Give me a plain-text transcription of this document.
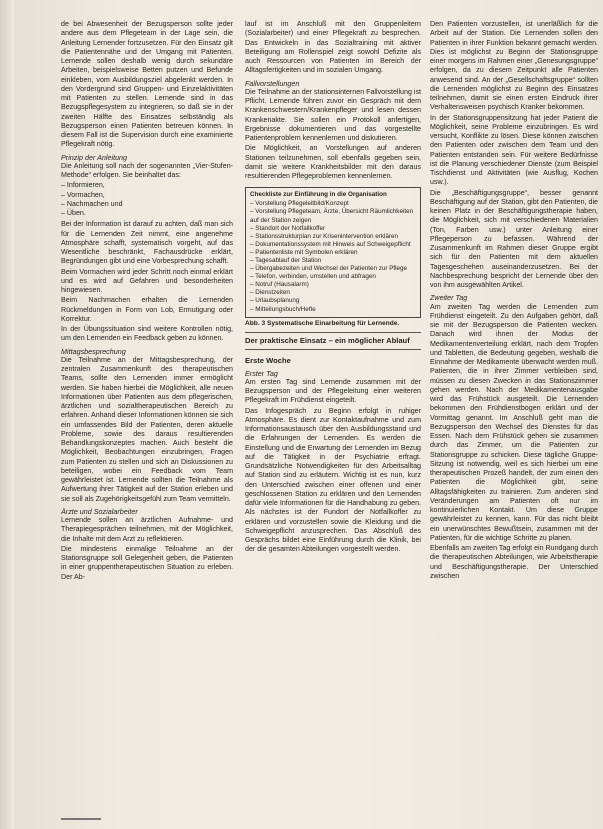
de bei Abwesenheit der Bezugsperson sollte jeder andere aus dem Pflegeteam in der Lage sein, die Anleitung Lernender fortzusetzen. Für den Einsatz gilt die Patientennähe und der Umgang mit Patienten. Lernende sollen deshalb wenig durch sekundäre Arbeiten, beispielsweise Betten putzen und Befunde einkleben, vom Ausbildungsziel abgelenkt werden. In den Vordergrund sind Gruppen- und Einzelaktivitäten mit Patienten zu stellen. Lernende sind in das Bezugspflegesystem zu integrieren, so daß sie in der zweiten Hälfte des Einsatzes selbständig als Bezugsperson einen Patienten betreuen können. In diesem Fall ist die Supervision durch eine examinierte Pflegekraft nötig.

Prinzip der Anleitung

Die Anleitung soll nach der sogenannten „Vier-Stufen-Methode“ erfolgen. Sie beinhaltet das:

– Informieren,
– Vormachen,
– Nachmachen und
– Üben.

Bei der Information ist darauf zu achten, daß man sich für die Lernenden Zeit nimmt, eine angenehme Atmosphäre schafft, systematisch vorgeht, auf das Wesentliche beschränkt, Fachausdrücke erklärt, Begründungen gibt und eine Vorbesprechung schafft.

Beim Vormachen wird jeder Schritt noch einmal erklärt und es wird auf Gefahren und besonderheiten hingewiesen.

Beim Nachmachen erhalten die Lernenden Rückmeldungen in Form von Lob, Ermutigung oder Korrektur.

In der Übungssituation sind weitere Kontrollen nötig, um den Lernenden ein Feedback geben zu können.

Mittagsbesprechung

Die Teilnahme an der Mittagsbesprechung, der zentralen Zusammenkunft des therapeutischen Teams, sollte den Lernenden immer ermöglicht werden. Sie haben hierbei die Möglichkeit, alle neuen Informationen über Patienten aus dem pflegerischen, ärztlichen und sozialtherapeutischen Bereich zu erfahren. Anhand dieser Informationen können sie sich ein umfassendes Bild der Patienten, deren aktuelle Probleme, sowie des daraus resultierenden Behandlungskonzeptes machen. Auch besteht die Möglichkeit, Beobachtungen einzubringen, Fragen zum Patienten zu stellen und sich an Diskussionen zu beteiligen, wobei ein Feedback vom Team gewährleistet ist. Lernende sollten die Teilnahme als Aufwertung ihrer Tätigkeit auf der Station erleben und sie soll als Zugehörigkeitsgefühl zum Team vermitteln.

Ärzte und Sozialarbeiter

Lernende sollen an ärztlichen Aufnahme- und Therapiegesprächen teilnehmen, mit der Möglichkeit, die Inhalte mit dem Arzt zu reflektieren.

Die mindestens einmalige Teilnahme an der Stationsgruppe soll Gelegenheit geben, die Patienten in einer gruppentherapeutischen Situation zu erleben. Der Ab-

lauf ist im Anschluß mit den Gruppenleitern (Sozialarbeiter) und einer Pflegekraft zu besprechen. Das Entwickeln in das Sozialtraining mit aktiver Beteiligung am Rollenspiel zeigt sowohl Defizite als auch Ressourcen von Patienten im Bereich der Alltagsfertigkeiten und im sozialen Umgang.

Fallvorstellungen

Die Teilnahme an der stationsinternen Fallvorstellung ist Pflicht. Lernende führen zuvor ein Gespräch mit dem Krankenschwestern/Krankenpfleger und lesen dessen Krankenakte. Sie sollen ein Protokoll anfertigen, Ergebnisse dokumentieren und das vorgestellte Patientenproblem kennenlernen und diskutieren.

Die Möglichkeit, an Vorstellungen auf anderen Stationen teilzunehmen, soll ebenfalls gegeben sein, damit sie weitere Krankheitsbilder mit den daraus resultierenden Pflegeproblemen kennenlernen.

Checkliste zur Einführung in die Organisation
– Vorstellung Pflegeleitbild/Konzept
– Vorstellung Pflegeteam, Ärzte, Übersicht Räumlichkeiten auf der Station zeigen
– Standort der Notfallkoffer
– Stationsstrukturplan zur Krisenintervention erklären
– Dokumentationssystem mit Hinweis auf Schweigepflicht
– Patientenliste mit Symbolen erklären
– Tagesablauf der Station
– Übergabezeiten und Wechsel der Patienten zur Pflege
– Telefon, verbinden, umstellen und abfragen
– Notruf (Hausalarm)
– Dienstzeiten
– Urlaubsplanung
– Mitteilungsbuch/Hefte
Abb. 3 Systematische Einarbeitung für Lernende.
Der praktische Einsatz – ein möglicher Ablauf
Erste Woche
Erster Tag

Am ersten Tag sind Lernende zusammen mit der Bezugsperson und der Pflegeleitung einer weiteren Pflegekraft im Frühdienst eingeteilt.

Das Infogespräch zu Beginn erfolgt in ruhiger Atmosphäre. Es dient zur Kontaktaufnahme und zum Informationsaustausch über den Ausbildungsstand und die Erfahrungen der Lernenden. Es werden die Einstellung und die Erwartung der Lernenden im Bezug auf die Tätigkeit in der Psychiatrie erfragt. Grundsätzliche Notwendigkeiten für den Arbeitsalltag auf Station sind zu erläutern. Wichtig ist es nun, kurz den Unterschied zwischen einer offenen und einer geschlossenen Station zu erklären und den Lernenden dafür viele Informationen für die Handhabung zu geben. Als nächstes ist der Fundort der Notfallkoffer zu erklären und vorzustellen sowie die Kleidung und die Schweigepflicht anzusprechen. Das Abschluß des Gesprächs bildet eine Einführung durch die Klinik, bei der die gesamten Abteilungen vorgestellt werden.

Den Patienten vorzustellen, ist unerläßlich für die Arbeit auf der Station. Die Lernenden sollen den Patienten in ihrer Funktion bekannt gemacht werden. Dies ist möglichst zu Beginn der Stationsgruppe einer morgens im Rahmen einer „Genesungsgruppe“ erfolgen, da zu diesem Zeitpunkt alle Patienten anwesend sind. An der „Gesellschaftsgruppe“ sollten die Lernenden möglichst zu Beginn des Einsatzes teilnehmen, damit sie einen ersten Eindruck ihrer Verhaltensweisen psychisch Kranker bekommen.

In der Stationsgruppensitzung hat jeder Patient die Möglichkeit, seine Probleme einzubringen. Es wird versucht, Konflikte zu lösen. Diese können zwischen den Patienten oder zwischen dem Team und den Patienten entstanden sein. Für weitere Bedürfnisse ist die Planung verschiedener Dienste (zum Beispiel Tischdienst und Aktivitäten (wie Ausflug, Kochen usw.).

Die „Beschäftigungsgruppe“, besser genannt Beschäftigung auf der Station, gibt den Patienten, die keinen Platz in der Beschäftigungstherapie haben, die Möglichkeit, sich mit verschiedenen Materialien (Ton, Farben usw.) unter Anleitung einer Pflegeperson zu befassen. Während der Zusammenkunft im Rahmen dieser Gruppe ergibt sich für den Patienten mit dem aktuellen Tagesgeschehen auseinanderzusetzen. Bei der Nachbesprechung bespricht der Lernende über den von ihm ausgewählten Artikel.

Zweiter Tag

Am zweiten Tag werden die Lernenden zum Frühdienst eingeteilt. Zu den Aufgaben gehört, daß sie mit der Bezugsperson die Patienten wecken. Danach wird ihnen der Modus der Medikamentenverteilung erklärt, nach dem Tropfen und Tabletten, die Bedeutung gegeben, weshalb die Einnahme der Medikamente überwacht werden muß. Patienten, die in ihrer Zimmer verbleiben sind, müssen zu diesen Zwecken in das Stationszimmer gehen werden. Nach der Medikamentenausgabe wird das Frühstück ausgeteilt. Die Lernenden bekommen den Frühdienstbogen erklärt und der Vormittag genannt. Im Anschluß geht man die Bezugsperson den Wechsel des Dienstes für das Essen. Nach dem Frühstück gehen sie zusammen durch das Zimmer, um die Patienten zur Stationsgruppe zu schicken. Diese tägliche Gruppe-Sitzung ist notwendig, weil es sich hierbei um eine therapeutischen Prozeß handelt, der zum einen den Patienten die Möglichkeit gibt, seine Alltagsfähigkeiten zu trainieren. Zum anderen sind Veränderungen am Patienten oft nur im kontinuierlichen Kontakt. Um diese Gruppe gewährleistet zu kennen, kann. Für das nicht bleibt ein unerwünschtes Bewußtsein, zusammen mit der Patienten, für die wichtige Schritte zu planen.

Ebenfalls am zweiten Tag erfolgt ein Rundgang durch die therapeutischen Abteilungen, wie Arbeitstherapie und Beschäftigungstherapie. Der Unterschied zwischen
